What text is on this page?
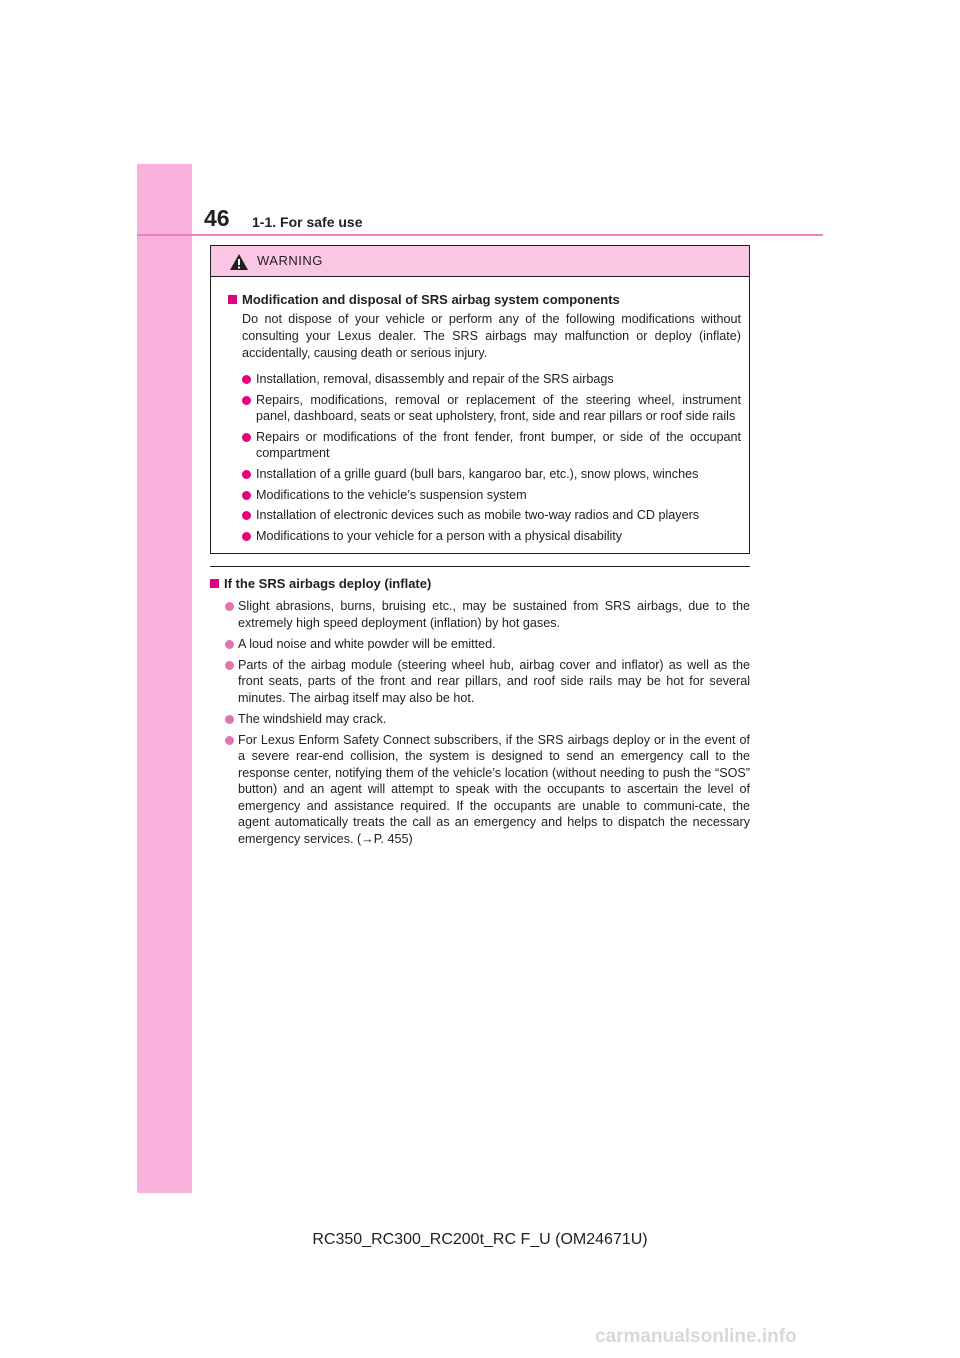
46 1-1. For safe use
WARNING
Modification and disposal of SRS airbag system components
Do not dispose of your vehicle or perform any of the following modifications without consulting your Lexus dealer. The SRS airbags may malfunction or deploy (inflate) accidentally, causing death or serious injury.
Installation, removal, disassembly and repair of the SRS airbags
Repairs, modifications, removal or replacement of the steering wheel, instrument panel, dashboard, seats or seat upholstery, front, side and rear pillars or roof side rails
Repairs or modifications of the front fender, front bumper, or side of the occupant compartment
Installation of a grille guard (bull bars, kangaroo bar, etc.), snow plows, winches
Modifications to the vehicle’s suspension system
Installation of electronic devices such as mobile two-way radios and CD players
Modifications to your vehicle for a person with a physical disability
If the SRS airbags deploy (inflate)
Slight abrasions, burns, bruising etc., may be sustained from SRS airbags, due to the extremely high speed deployment (inflation) by hot gases.
A loud noise and white powder will be emitted.
Parts of the airbag module (steering wheel hub, airbag cover and inflator) as well as the front seats, parts of the front and rear pillars, and roof side rails may be hot for several minutes. The airbag itself may also be hot.
The windshield may crack.
For Lexus Enform Safety Connect subscribers, if the SRS airbags deploy or in the event of a severe rear-end collision, the system is designed to send an emergency call to the response center, notifying them of the vehicle’s location (without needing to push the “SOS” button) and an agent will attempt to speak with the occupants to ascertain the level of emergency and assistance required. If the occupants are unable to communi-cate, the agent automatically treats the call as an emergency and helps to dispatch the necessary emergency services. (→P. 455)
RC350_RC300_RC200t_RC F_U (OM24671U)
carmanualsonline.info
